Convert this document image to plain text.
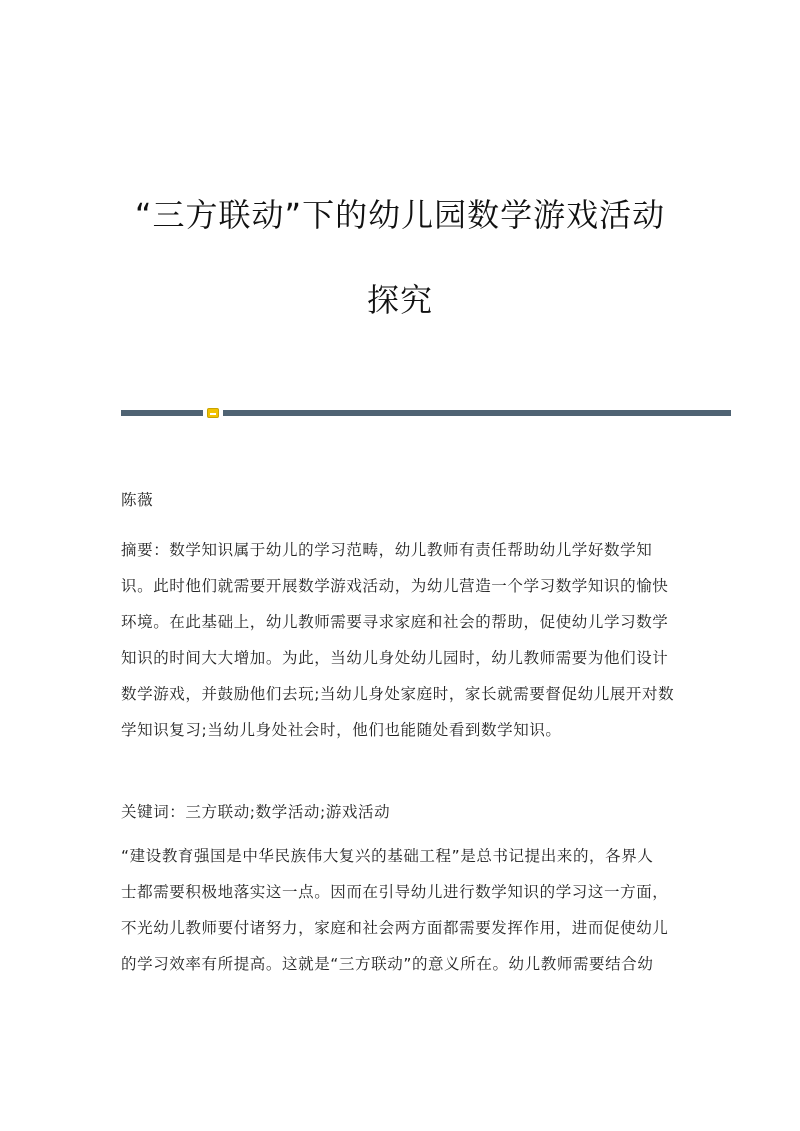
“三方联动”下的幼儿园数学游戏活动
探究
陈薇
摘要：数学知识属于幼儿的学习范畴，幼儿教师有责任帮助幼儿学好数学知
识。此时他们就需要开展数学游戏活动，为幼儿营造一个学习数学知识的愉快
环境。在此基础上，幼儿教师需要寻求家庭和社会的帮助，促使幼儿学习数学
知识的时间大大增加。为此，当幼儿身处幼儿园时，幼儿教师需要为他们设计
数学游戏，并鼓励他们去玩;当幼儿身处家庭时，家长就需要督促幼儿展开对数
学知识复习;当幼儿身处社会时，他们也能随处看到数学知识。
关键词：三方联动;数学活动;游戏活动
“建设教育强国是中华民族伟大复兴的基础工程”是总书记提出来的，各界人
士都需要积极地落实这一点。因而在引导幼儿进行数学知识的学习这一方面，
不光幼儿教师要付诸努力，家庭和社会两方面都需要发挥作用，进而促使幼儿
的学习效率有所提高。这就是“三方联动”的意义所在。幼儿教师需要结合幼
